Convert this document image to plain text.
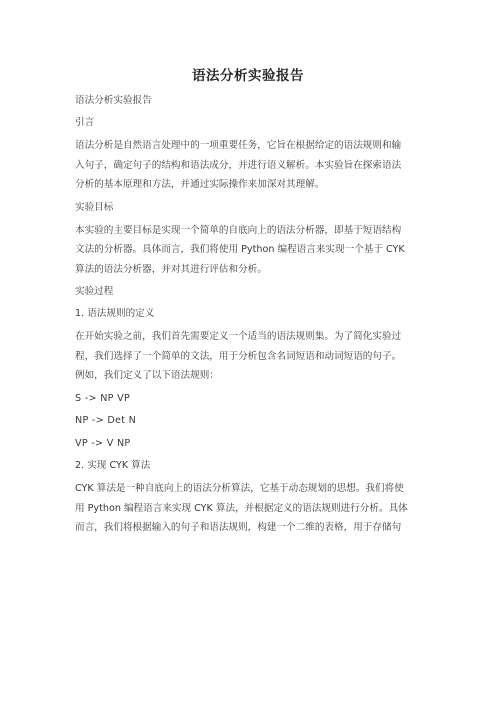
语法分析实验报告
语法分析实验报告
引言
语法分析是自然语言处理中的一项重要任务，它旨在根据给定的语法规则和输
入句子，确定句子的结构和语法成分，并进行语义解析。本实验旨在探索语法
分析的基本原理和方法，并通过实际操作来加深对其理解。
实验目标
本实验的主要目标是实现一个简单的自底向上的语法分析器，即基于短语结构
文法的分析器。具体而言，我们将使用 Python 编程语言来实现一个基于 CYK
算法的语法分析器，并对其进行评估和分析。
实验过程
1. 语法规则的定义
在开始实验之前，我们首先需要定义一个适当的语法规则集。为了简化实验过
程，我们选择了一个简单的文法，用于分析包含名词短语和动词短语的句子。
例如，我们定义了以下语法规则：
S -> NP VP
NP -> Det N
VP -> V NP
2. 实现 CYK 算法
CYK 算法是一种自底向上的语法分析算法，它基于动态规划的思想。我们将使
用 Python 编程语言来实现 CYK 算法，并根据定义的语法规则进行分析。具体
而言，我们将根据输入的句子和语法规则，构建一个二维的表格，用于存储句
